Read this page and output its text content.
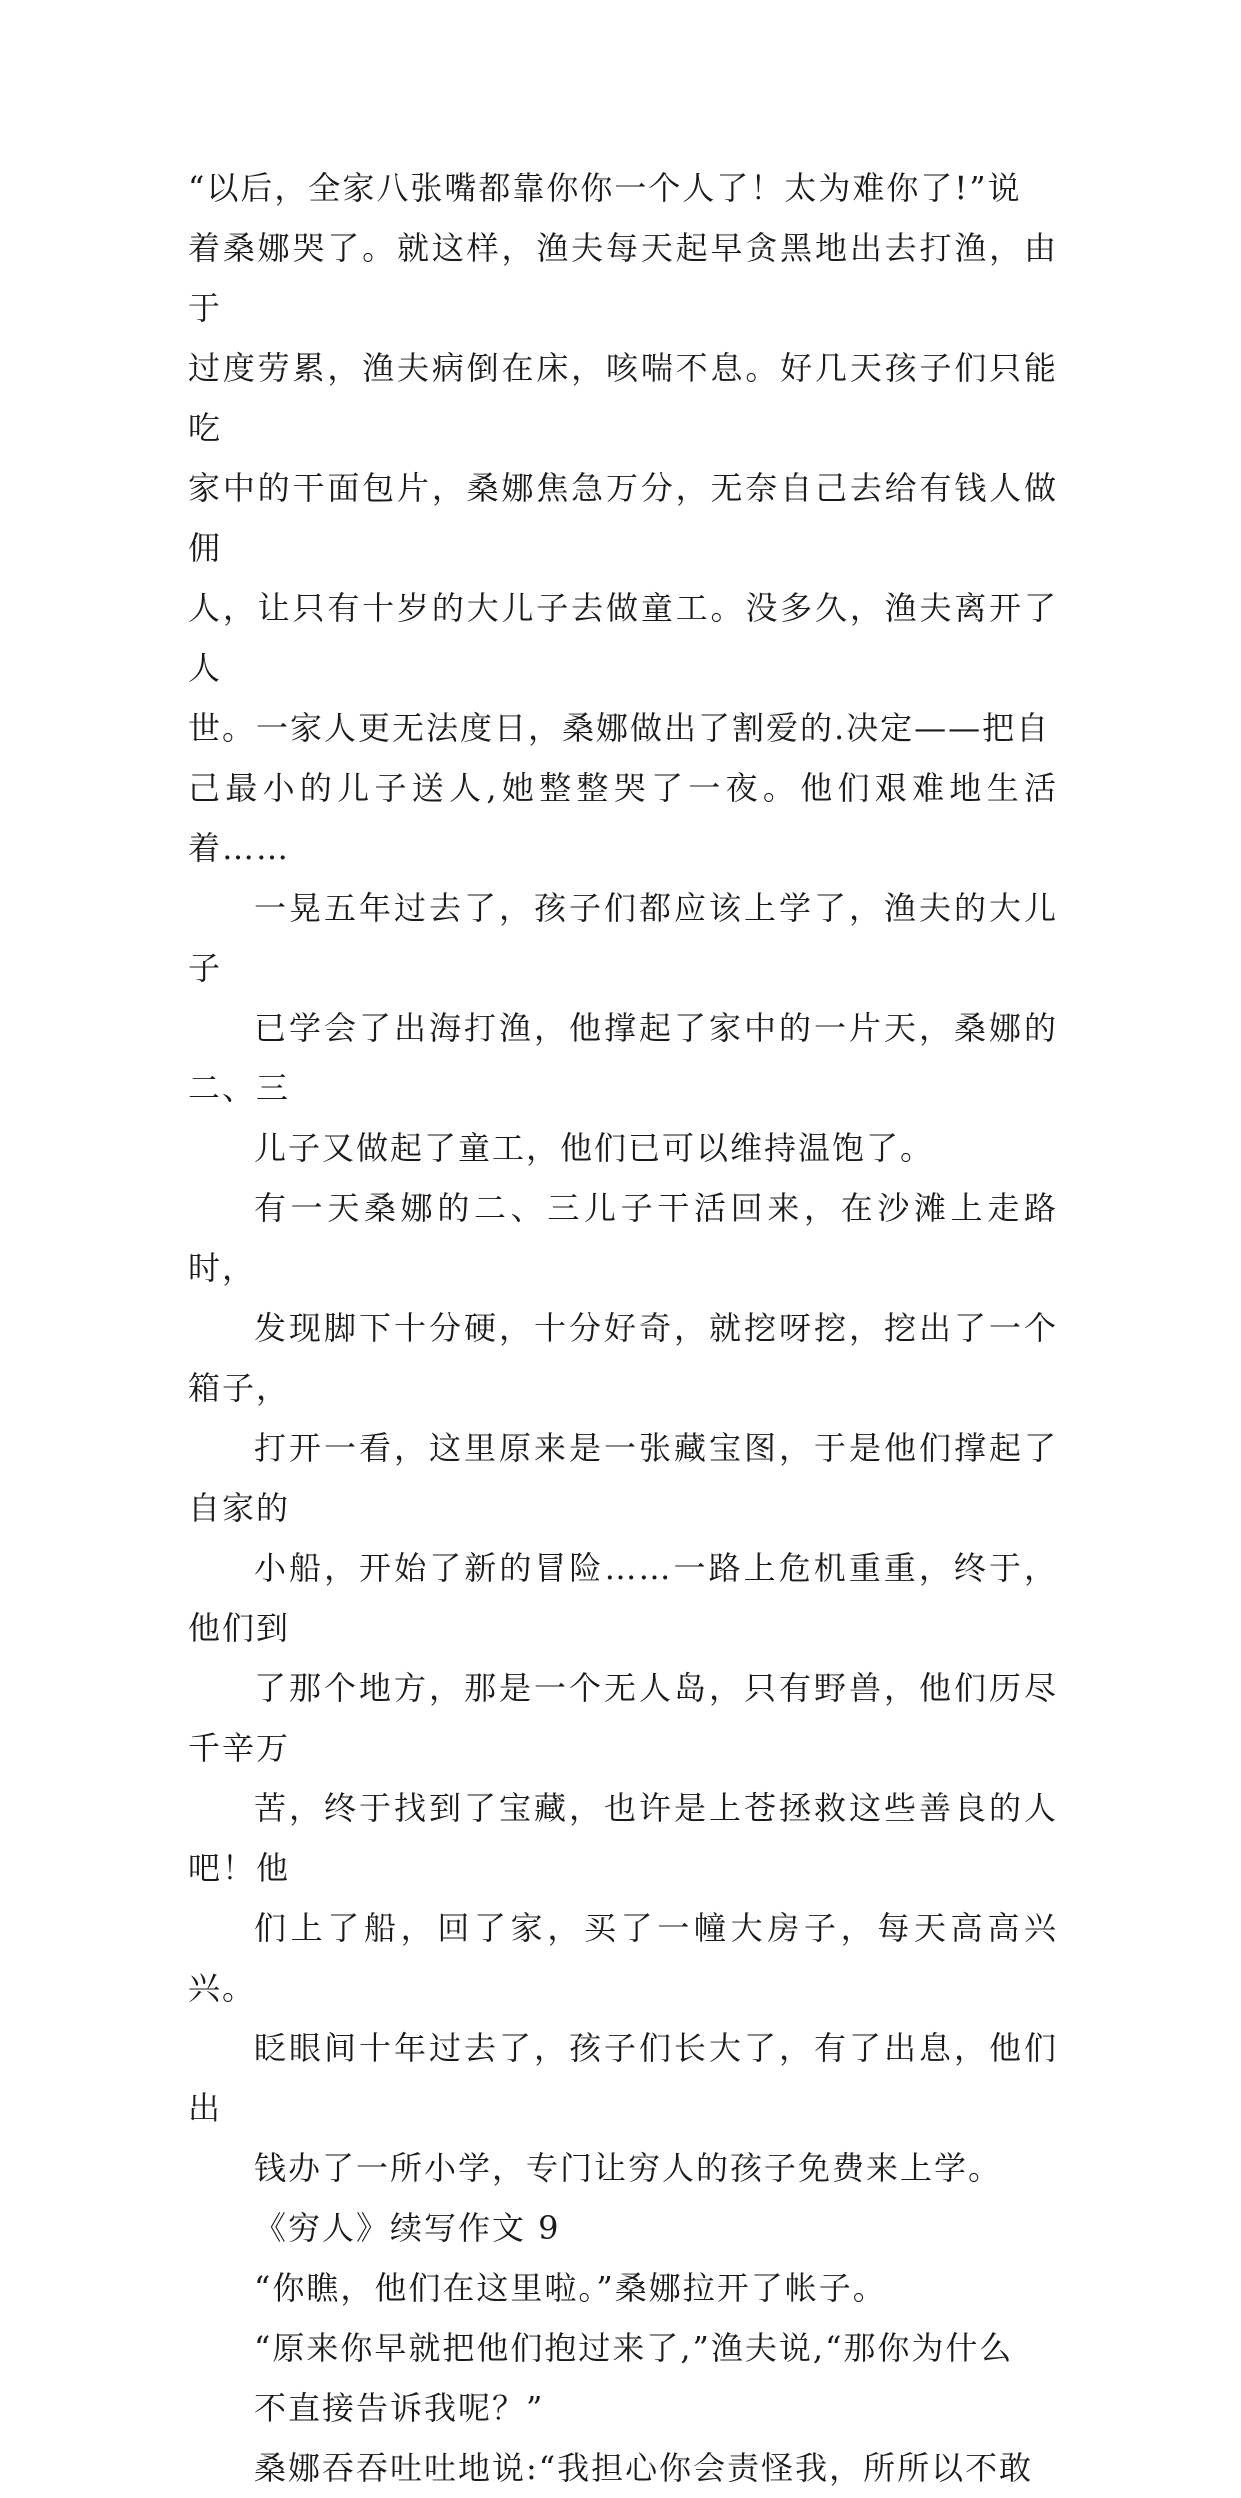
“以后，全家八张嘴都靠你你一个人了！太为难你了!”说
着桑娜哭了。就这样，渔夫每天起早贪黑地出去打渔，由于
过度劳累，渔夫病倒在床，咳喘不息。好几天孩子们只能吃
家中的干面包片，桑娜焦急万分，无奈自己去给有钱人做佣
人，让只有十岁的大儿子去做童工。没多久，渔夫离开了人
世。一家人更无法度日，桑娜做出了割爱的.决定——把自
己最小的儿子送人,她整整哭了一夜。他们艰难地生活着……
一晃五年过去了，孩子们都应该上学了，渔夫的大儿子
已学会了出海打渔，他撑起了家中的一片天，桑娜的二、三
儿子又做起了童工，他们已可以维持温饱了。
有一天桑娜的二、三儿子干活回来，在沙滩上走路时，
发现脚下十分硬，十分好奇，就挖呀挖，挖出了一个箱子，
打开一看，这里原来是一张藏宝图，于是他们撑起了自家的
小船，开始了新的冒险……一路上危机重重，终于，他们到
了那个地方，那是一个无人岛，只有野兽，他们历尽千辛万
苦，终于找到了宝藏，也许是上苍拯救这些善良的人吧！他
们上了船，回了家，买了一幢大房子，每天高高兴兴。
眨眼间十年过去了，孩子们长大了，有了出息，他们出
钱办了一所小学，专门让穷人的孩子免费来上学。
《穷人》续写作文 9
“你瞧，他们在这里啦。”桑娜拉开了帐子。
“原来你早就把他们抱过来了,”渔夫说,“那你为什么
不直接告诉我呢？”
桑娜吞吞吐吐地说:“我担心你会责怪我，所所以不敢
